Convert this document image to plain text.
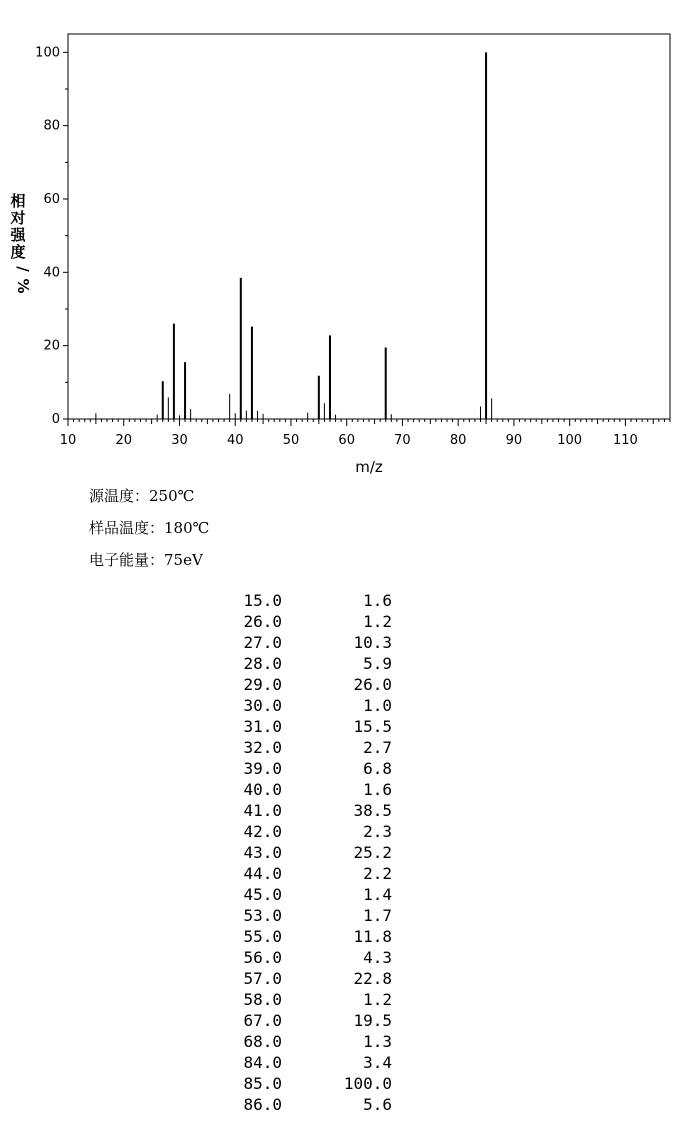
0
20
40
60
80
100
10	20	30	40	50	60	70	80	90	100 110
相
对
强
度
/
%
m/z
源温度：250℃
样品温度：180℃
电子能量：75eV
15.0	1.6
26.0	1.2
27.0	10.3
28.0	5.9
29.0	26.0
30.0	1.0
31.0	15.5
32.0	2.7
39.0	6.8
40.0	1.6
41.0	38.5
42.0	2.3
43.0	25.2
44.0	2.2
45.0	1.4
53.0	1.7
55.0	11.8
56.0	4.3
57.0	22.8
58.0	1.2
67.0	19.5
68.0	1.3
84.0	3.4
85.0	100.0
86.0	5.6
